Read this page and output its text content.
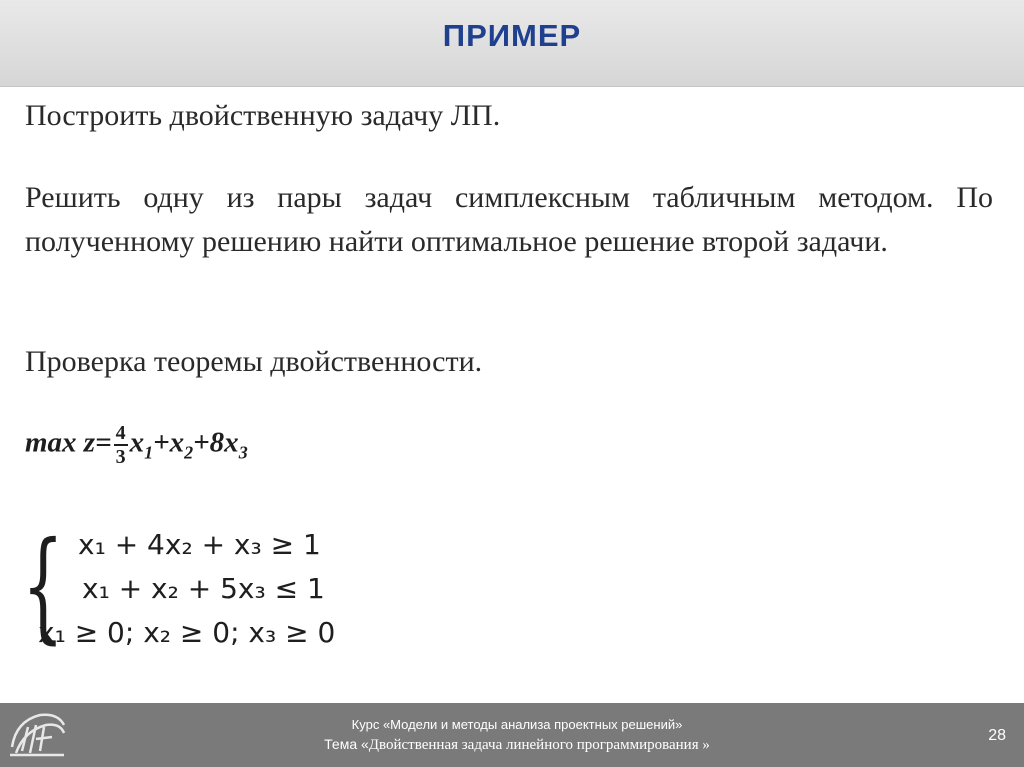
ПРИМЕР

Построить двойственную задачу ЛП.

Решить одну из пары задач симплексным табличным методом. По полученному решению найти оптимальное решение второй задачи.

Проверка теоремы двойственности.

$\max z= \frac{4}{3} x_1+x_2+8x_3$
{ x₁ + 4x₂ + x₃ ≥ 1
x₁ + x₂ + 5x₃ ≤ 1
x₁ ≥ 0; x₂ ≥ 0; x₃ ≥ 0
Курс «Модели и методы анализа проектных решений»
Тема «Двойственная задача линейного программирования »
28
